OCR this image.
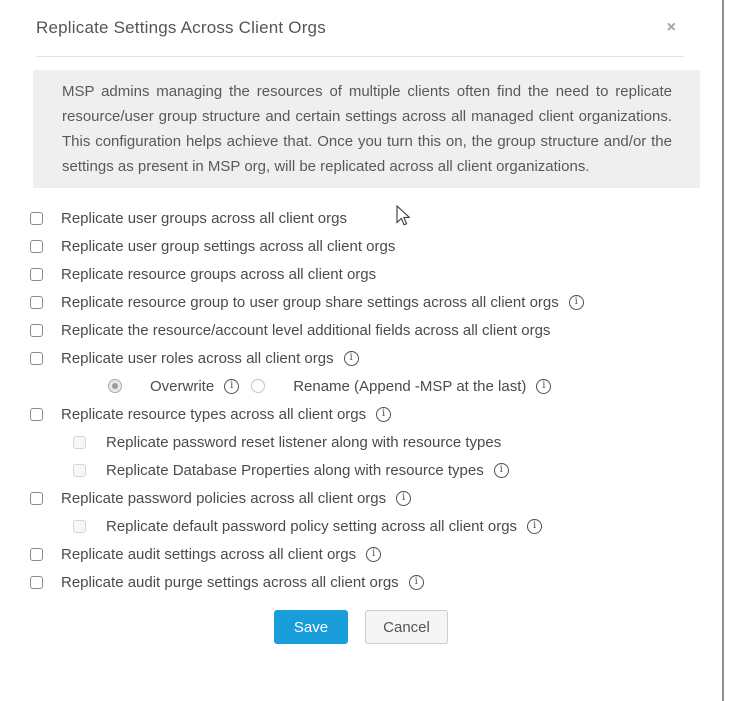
Replicate Settings Across Client Orgs	×
MSP admins managing the resources of multiple clients often find the need to replicate resource/user group structure and certain settings across all managed client organizations. This configuration helps achieve that. Once you turn this on, the group structure and/or the settings as present in MSP org, will be replicated across all client organizations.
Replicate user groups across all client orgs
Replicate user group settings across all client orgs
Replicate resource groups across all client orgs
Replicate resource group to user group share settings across all client orgs	i
Replicate the resource/account level additional fields across all client orgs
Replicate user roles across all client orgs	i
Overwrite	i	Rename (Append -MSP at the last)	i
Replicate resource types across all client orgs	i
Replicate password reset listener along with resource types
Replicate Database Properties along with resource types	i
Replicate password policies across all client orgs	i
Replicate default password policy setting across all client orgs	i
Replicate audit settings across all client orgs	i
Replicate audit purge settings across all client orgs	i
Save	Cancel
